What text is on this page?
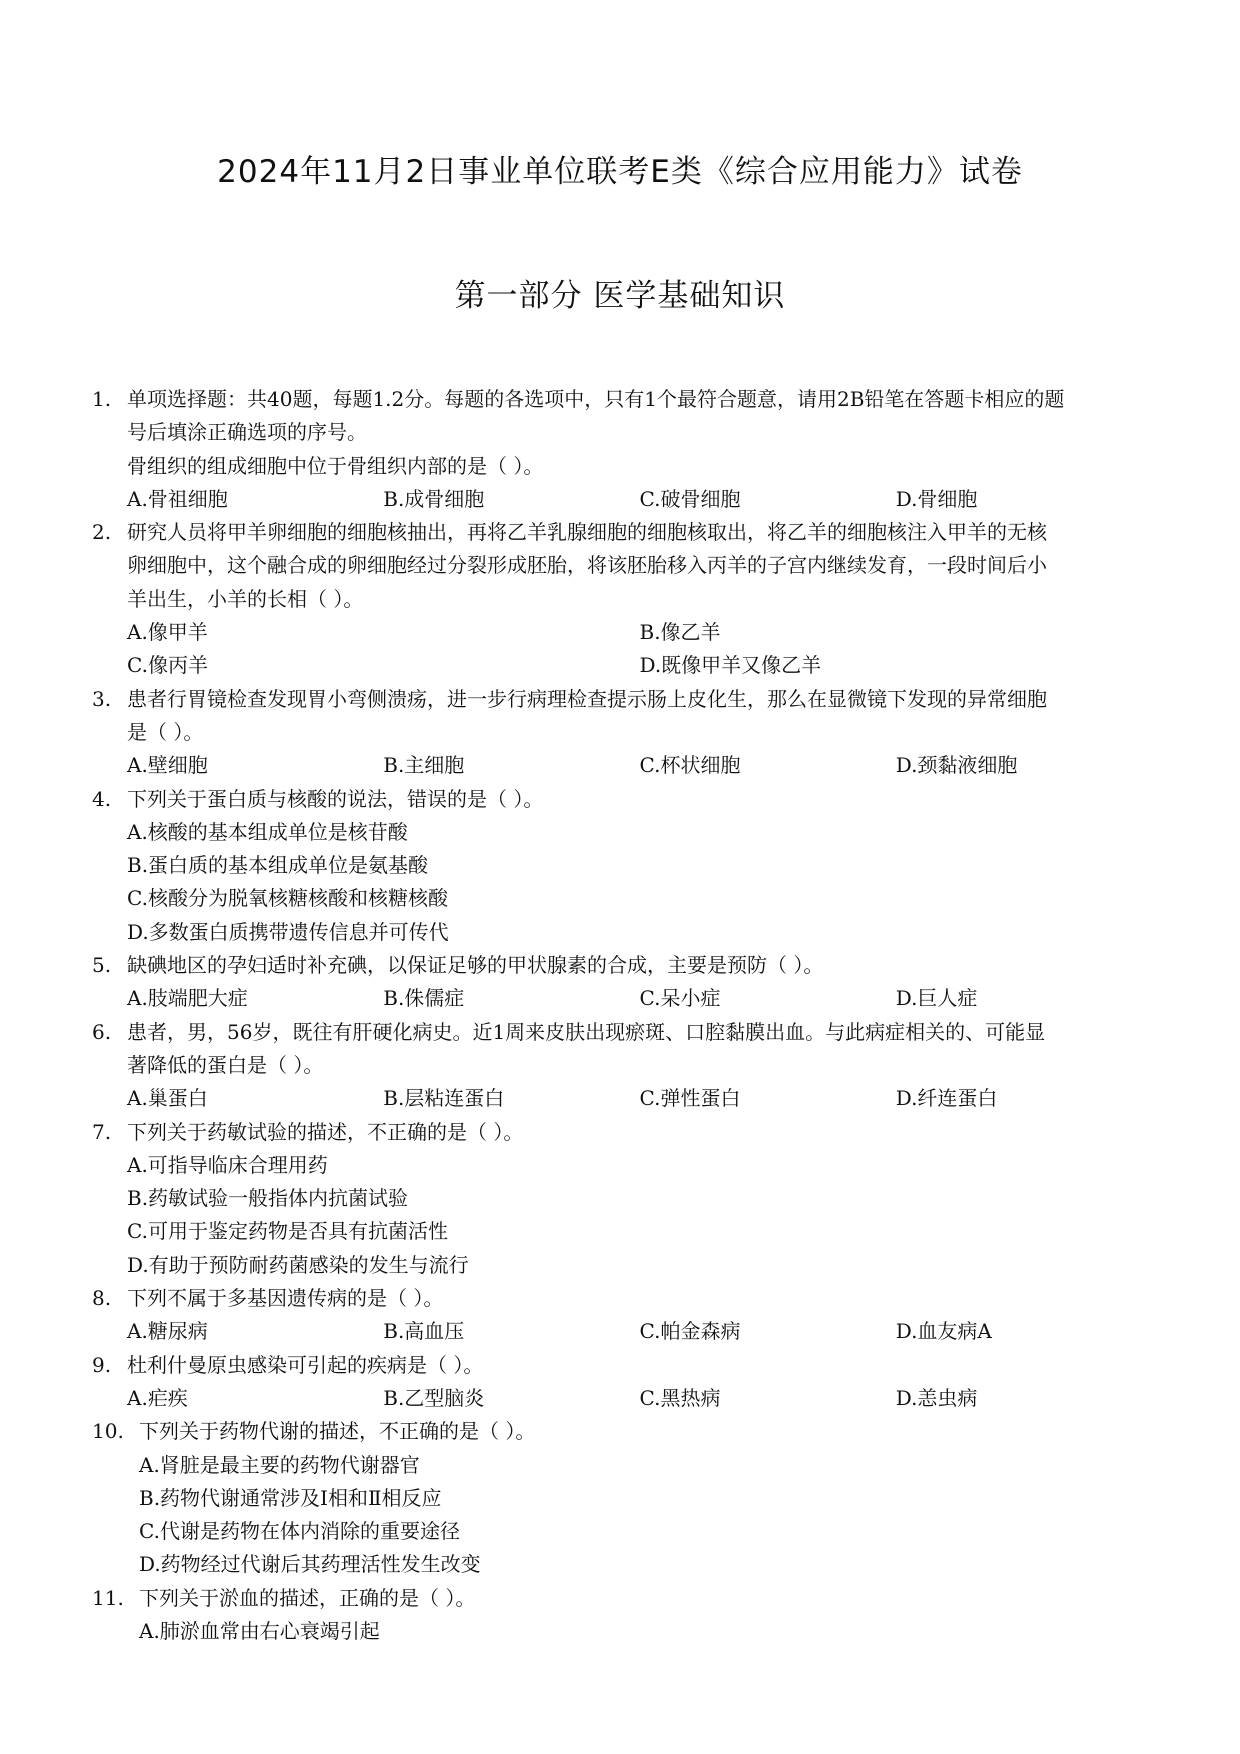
2024年11月2日事业单位联考E类《综合应用能力》试卷
第一部分 医学基础知识
1. 单项选择题：共40题，每题1.2分。每题的各选项中，只有1个最符合题意，请用2B铅笔在答题卡相应的题
号后填涂正确选项的序号。
骨组织的组成细胞中位于骨组织内部的是（ ）。
A.骨祖细胞	B.成骨细胞	C.破骨细胞	D.骨细胞
2. 研究人员将甲羊卵细胞的细胞核抽出，再将乙羊乳腺细胞的细胞核取出，将乙羊的细胞核注入甲羊的无核
卵细胞中，这个融合成的卵细胞经过分裂形成胚胎，将该胚胎移入丙羊的子宫内继续发育，一段时间后小
羊出生，小羊的长相（ ）。
A.像甲羊	B.像乙羊
C.像丙羊	D.既像甲羊又像乙羊
3. 患者行胃镜检查发现胃小弯侧溃疡，进一步行病理检查提示肠上皮化生，那么在显微镜下发现的异常细胞
是（ ）。
A.壁细胞	B.主细胞	C.杯状细胞	D.颈黏液细胞
4. 下列关于蛋白质与核酸的说法，错误的是（ ）。
A.核酸的基本组成单位是核苷酸
B.蛋白质的基本组成单位是氨基酸
C.核酸分为脱氧核糖核酸和核糖核酸
D.多数蛋白质携带遗传信息并可传代
5. 缺碘地区的孕妇适时补充碘，以保证足够的甲状腺素的合成，主要是预防（ ）。
A.肢端肥大症	B.侏儒症	C.呆小症	D.巨人症
6. 患者，男，56岁，既往有肝硬化病史。近1周来皮肤出现瘀斑、口腔黏膜出血。与此病症相关的、可能显
著降低的蛋白是（ ）。
A.巢蛋白	B.层粘连蛋白	C.弹性蛋白	D.纤连蛋白
7. 下列关于药敏试验的描述，不正确的是（ ）。
A.可指导临床合理用药
B.药敏试验一般指体内抗菌试验
C.可用于鉴定药物是否具有抗菌活性
D.有助于预防耐药菌感染的发生与流行
8. 下列不属于多基因遗传病的是（ ）。
A.糖尿病	B.高血压	C.帕金森病	D.血友病A
9. 杜利什曼原虫感染可引起的疾病是（ ）。
A.疟疾	B.乙型脑炎	C.黑热病	D.恙虫病
10. 下列关于药物代谢的描述，不正确的是（ ）。
A.肾脏是最主要的药物代谢器官
B.药物代谢通常涉及Ⅰ相和Ⅱ相反应
C.代谢是药物在体内消除的重要途径
D.药物经过代谢后其药理活性发生改变
11. 下列关于淤血的描述，正确的是（ ）。
A.肺淤血常由右心衰竭引起
